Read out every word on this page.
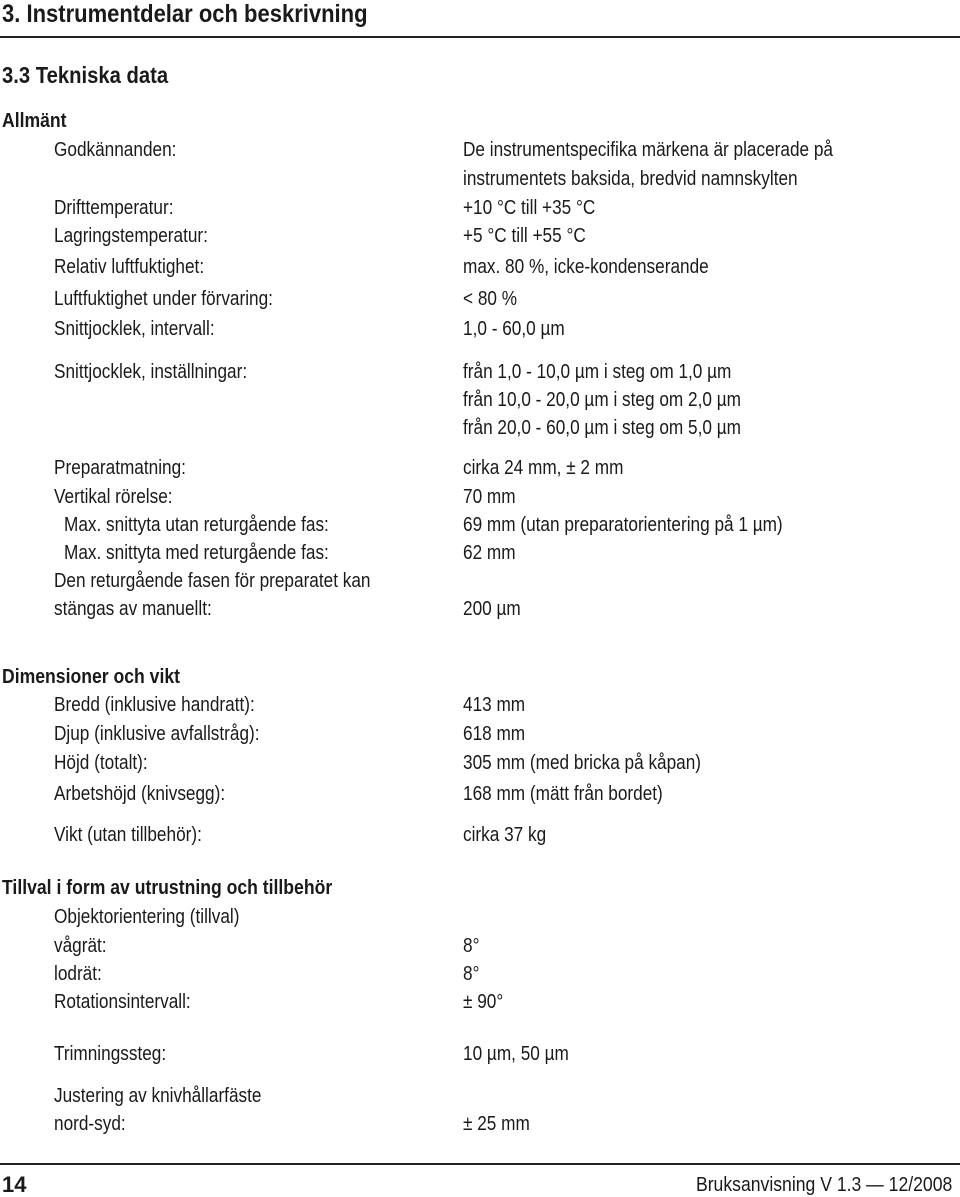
3. Instrumentdelar och beskrivning
3.3 Tekniska data
Allmänt
Godkännanden:	De instrumentspecifika märkena är placerade på
instrumentets baksida, bredvid namnskylten
Drifttemperatur:	+10 °C till +35 °C
Lagringstemperatur:	+5 °C till +55 °C
Relativ luftfuktighet:	max. 80 %, icke-kondenserande
Luftfuktighet under förvaring:	< 80 %
Snittjocklek, intervall:	1,0 - 60,0 µm
Snittjocklek, inställningar:	från 1,0 - 10,0 µm i steg om 1,0 µm
från 10,0 - 20,0 µm i steg om 2,0 µm
från 20,0 - 60,0 µm i steg om 5,0 µm
Preparatmatning:	cirka 24 mm, ± 2 mm
Vertikal rörelse:	70 mm
Max. snittyta utan returgående fas:	69 mm (utan preparatorientering på 1 µm)
Max. snittyta med returgående fas:	62 mm
Den returgående fasen för preparatet kan
stängas av manuellt:	200 µm
Dimensioner och vikt
Bredd (inklusive handratt):	413 mm
Djup (inklusive avfallstråg):	618 mm
Höjd (totalt):	305 mm (med bricka på kåpan)
Arbetshöjd (knivsegg):	168 mm (mätt från bordet)
Vikt (utan tillbehör):	cirka 37 kg
Tillval i form av utrustning och tillbehör
Objektorientering (tillval)
vågrät:	8°
lodrät:	8°
Rotationsintervall:	± 90°
Trimningssteg:	10 µm, 50 µm
Justering av knivhållarfäste
nord-syd:	± 25 mm
14	Bruksanvisning V 1.3 — 12/2008
